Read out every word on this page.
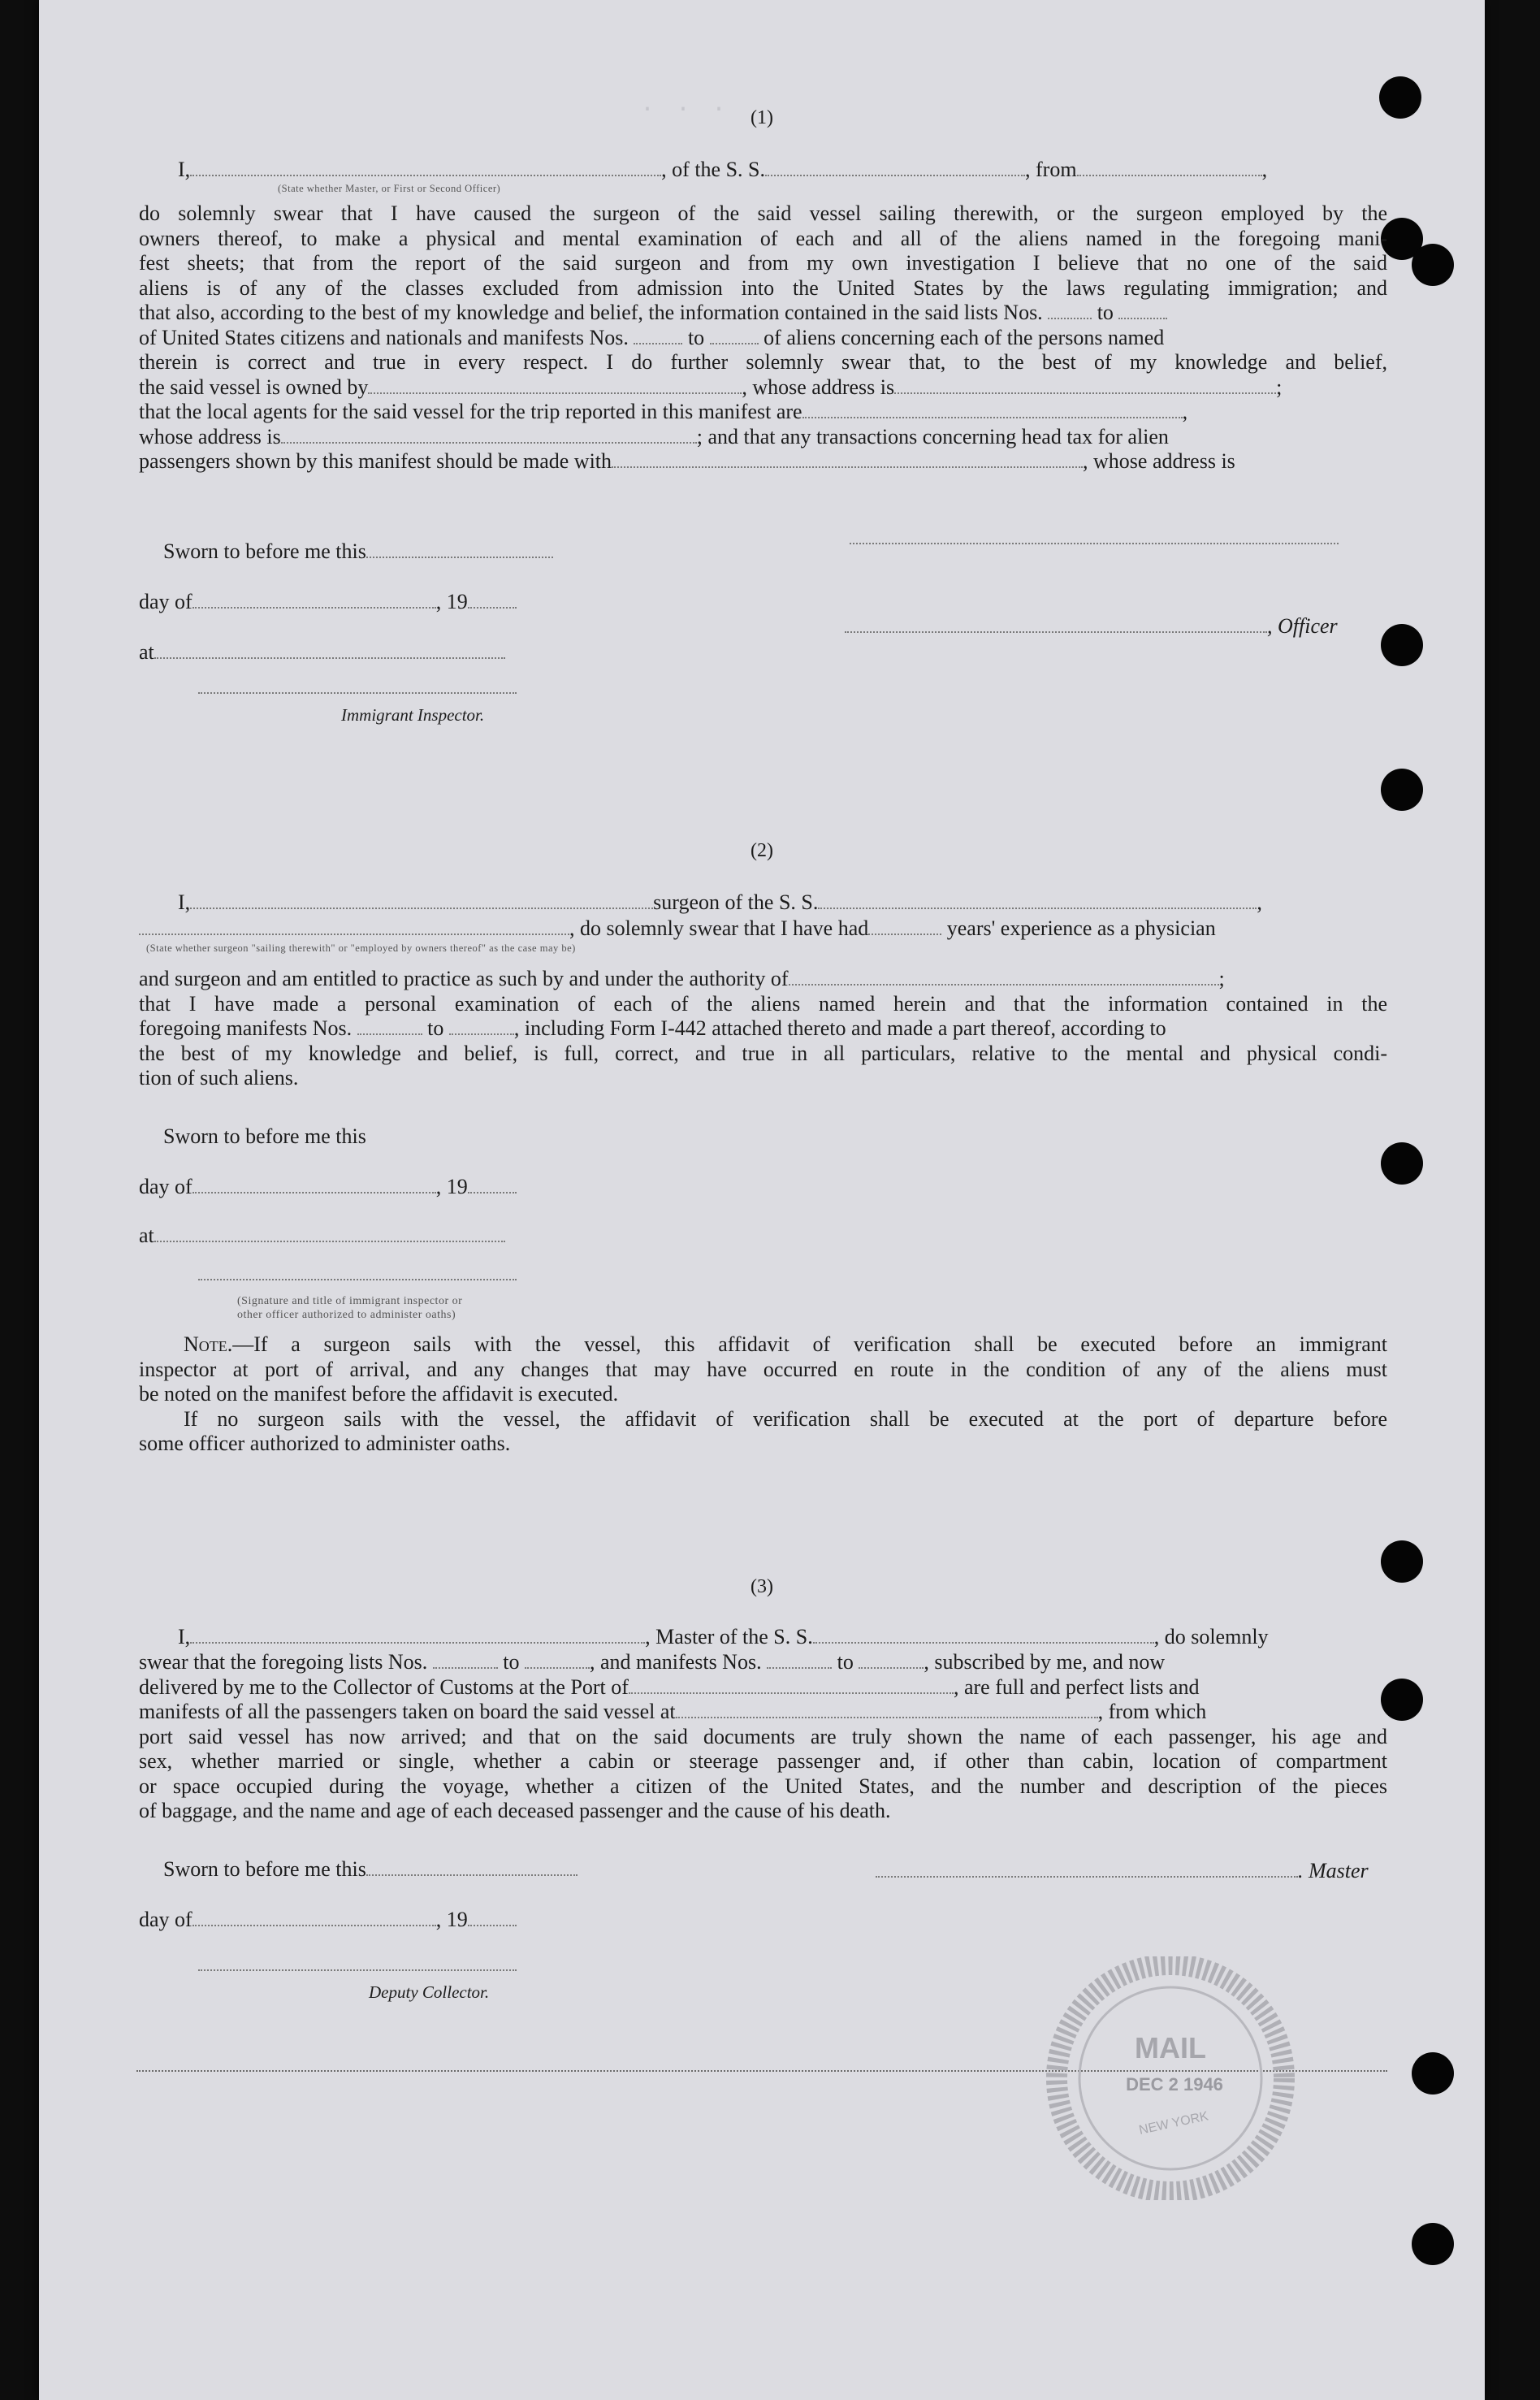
· · ·	(1)
I,	, of the S. S.	, from	,
(State whether Master, or First or Second Officer)
do solemnly swear that I have caused the surgeon of the said vessel sailing therewith, or the surgeon employed by the
owners thereof, to make a physical and mental examination of each and all of the aliens named in the foregoing mani-
fest sheets; that from the report of the said surgeon and from my own investigation I believe that no one of the said
aliens is of any of the classes excluded from admission into the United States by the laws regulating immigration; and
that also, according to the best of my knowledge and belief, the information contained in the said lists Nos.	to
of United States citizens and nationals and manifests Nos.	to	of aliens concerning each of the persons named
therein is correct and true in every respect. I do further solemnly swear that, to the best of my knowledge and belief,
the said vessel is owned by	, whose address is	;
that the local agents for the said vessel for the trip reported in this manifest are	,
whose address is	; and that any transactions concerning head tax for alien
passengers shown by this manifest should be made with	, whose address is
Sworn to before me this
day of	, 19
, Officer
at
Immigrant Inspector.
(2)
I,	surgeon of the S. S.	,
, do solemnly swear that I have had	years' experience as a physician
(State whether surgeon "sailing therewith" or "employed by owners thereof" as the case may be)
and surgeon and am entitled to practice as such by and under the authority of	;
that I have made a personal examination of each of the aliens named herein and that the information contained in the
foregoing manifests Nos.	to	, including Form I-442 attached thereto and made a part thereof, according to
the best of my knowledge and belief, is full, correct, and true in all particulars, relative to the mental and physical condi-
tion of such aliens.
Sworn to before me this
day of	, 19
at
(Signature and title of immigrant inspector or
other officer authorized to administer oaths)
Note.—If a surgeon sails with the vessel, this affidavit of verification shall be executed before an immigrant
inspector at port of arrival, and any changes that may have occurred en route in the condition of any of the aliens must
be noted on the manifest before the affidavit is executed.
If no surgeon sails with the vessel, the affidavit of verification shall be executed at the port of departure before
some officer authorized to administer oaths.
(3)
I,	, Master of the S. S.	, do solemnly
swear that the foregoing lists Nos.	to	, and manifests Nos.	to	, subscribed by me, and now
delivered by me to the Collector of Customs at the Port of	, are full and perfect lists and
manifests of all the passengers taken on board the said vessel at	, from which
port said vessel has now arrived; and that on the said documents are truly shown the name of each passenger, his age and
sex, whether married or single, whether a cabin or steerage passenger and, if other than cabin, location of compartment
or space occupied during the voyage, whether a citizen of the United States, and the number and description of the pieces
of baggage, and the name and age of each deceased passenger and the cause of his death.
Sworn to before me this	. Master
day of	, 19
Deputy Collector.
MAIL
DEC 2 1946
NEW YORK
